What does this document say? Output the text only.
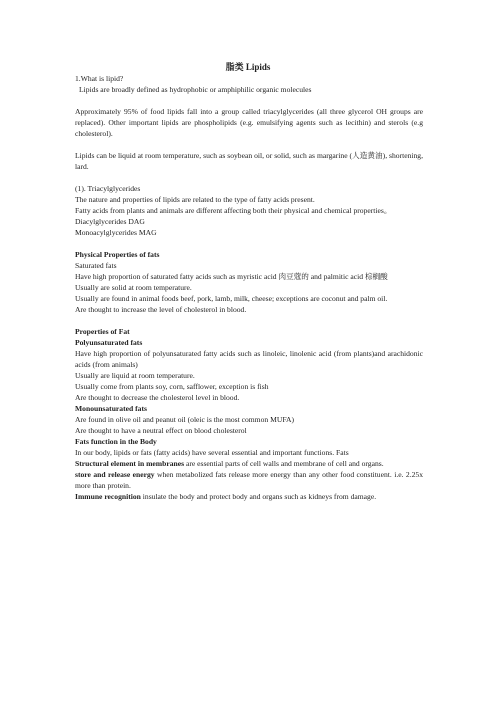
脂类 Lipids

1.What is lipid?

Lipids are broadly defined as hydrophobic or amphiphilic organic molecules

Approximately 95% of food lipids fall into a group called triacylglycerides (all three glycerol OH groups are replaced). Other important lipids are phospholipids (e.g. emulsifying agents such as lecithin) and sterols (e.g cholesterol).

Lipids can be liquid at room temperature, such as soybean oil, or solid, such as margarine (人造黄油), shortening, lard.

(1). Triacylglycerides

The nature and properties of lipids are related to the type of fatty acids present.

Fatty acids from plants and animals are different affecting both their physical and chemical properties。

Diacylglycerides DAG

Monoacylglycerides MAG

Physical Properties of fats

Saturated fats

Have high proportion of saturated fatty acids such as myristic acid 肉豆蔻的 and palmitic acid 棕榈酸

Usually are solid at room temperature.

Usually are found in animal foods beef, pork, lamb, milk, cheese; exceptions are coconut and palm oil.

Are thought to increase the level of cholesterol in blood.

Properties of Fat

Polyunsaturated fats

Have high proportion of polyunsaturated fatty acids such as linoleic, linolenic acid (from plants)and arachidonic acids (from animals)

Usually are liquid at room temperature.

Usually come from plants soy, corn, safflower, exception is fish

Are thought to decrease the cholesterol level in blood.

Monounsaturated fats

Are found in olive oil and peanut oil (oleic is the most common MUFA)

Are thought to have a neutral effect on blood cholesterol

Fats function in the Body

In our body, lipids or fats (fatty acids) have several essential and important functions. Fats

Structural element in membranes are essential parts of cell walls and membrane of cell and organs.

store and release energy when metabolized fats release more energy than any other food constituent. i.e. 2.25x more than protein.

Immune recognition insulate the body and protect body and organs such as kidneys from damage.
